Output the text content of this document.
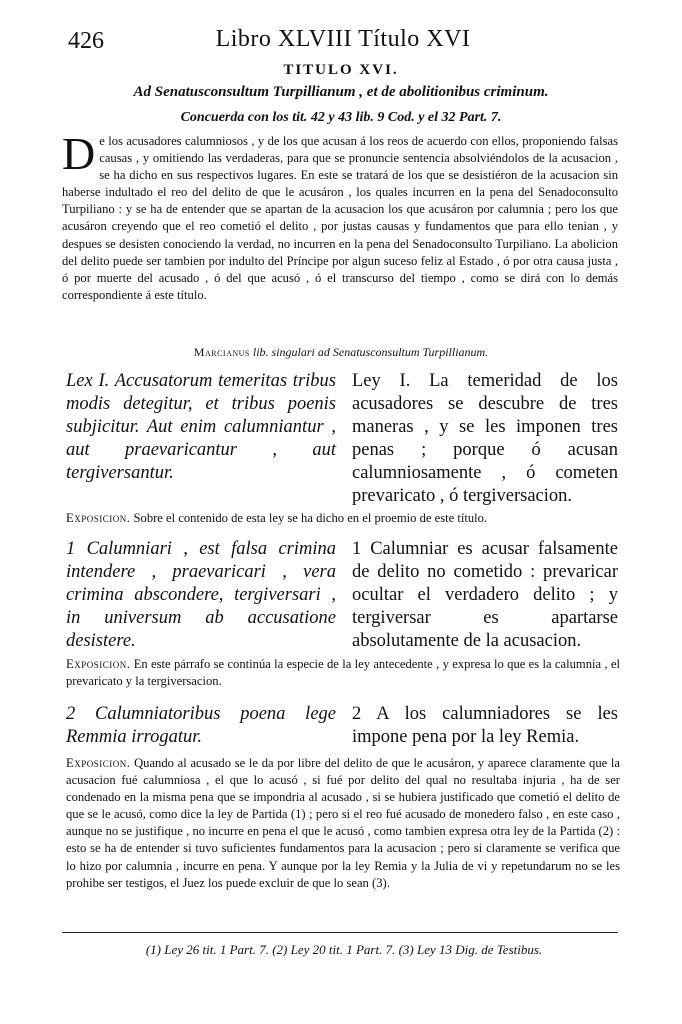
426	Libro XLVIII Título XVI
TITULO XVI.
Ad Senatusconsultum Turpillianum , et de abolitionibus criminum.
Concuerda con los tit. 42 y 43 lib. 9 Cod. y el 32 Part. 7.
De los acusadores calumniosos , y de los que acusan á los reos de acuerdo con ellos, proponiendo falsas causas , y omitiendo las verdaderas, para que se pronuncie sentencia absolviéndolos de la acusacion , se ha dicho en sus respectivos lugares. En este se tratará de los que se desistiéron de la acusacion sin haberse indultado el reo del delito de que le acusáron , los quales incurren en la pena del Senadoconsulto Turpiliano : y se ha de entender que se apartan de la acusacion los que acusáron por calumnia ; pero los que acusáron creyendo que el reo cometió el delito , por justas causas y fundamentos que para ello tenian , y despues se desisten conociendo la verdad, no incurren en la pena del Senadoconsulto Turpiliano. La abolicion del delito puede ser tambien por indulto del Príncipe por algun suceso feliz al Estado , ó por otra causa justa , ó por muerte del acusado , ó del que acusó , ó el transcurso del tiempo , como se dirá con lo demás correspondiente á este título.
Marcianus lib. singulari ad Senatusconsultum Turpillianum.
Lex I. Accusatorum temeritas tribus modis detegitur, et tribus poenis subjicitur. Aut enim calumniantur , aut praevaricantur , aut tergiversantur.
Ley I. La temeridad de los acusadores se descubre de tres maneras , y se les imponen tres penas ; porque ó acusan calumniosamente , ó cometen prevaricato , ó tergiversacion.
Exposicion. Sobre el contenido de esta ley se ha dicho en el proemio de este título.
1 Calumniari , est falsa crimina intendere , praevaricari , vera crimina abscondere, tergiversari , in universum ab accusatione desistere.
1 Calumniar es acusar falsamente de delito no cometido : prevaricar ocultar el verdadero delito ; y tergiversar es apartarse absolutamente de la acusacion.
Exposicion. En este párrafo se continúa la especie de la ley antecedente , y expresa lo que es la calumnia , el prevaricato y la tergiversacion.
2 Calumniatoribus poena lege Remmia irrogatur.
2 A los calumniadores se les impone pena por la ley Remia.
Exposicion. Quando al acusado se le da por libre del delito de que le acusáron, y aparece claramente que la acusacion fué calumniosa , el que lo acusó , si fué por delito del qual no resultaba injuria , ha de ser condenado en la misma pena que se impondria al acusado , si se hubiera justificado que cometió el delito de que se le acusó, como dice la ley de Partida (1) ; pero si el reo fué acusado de monedero falso , en este caso , aunque no se justifique , no incurre en pena el que le acusó , como tambien expresa otra ley de la Partida (2) : esto se ha de entender si tuvo suficientes fundamentos para la acusacion ; pero si claramente se verifica que lo hizo por calumnia , incurre en pena. Y aunque por la ley Remia y la Julia de vi y repetundarum no se les prohibe ser testigos, el Juez los puede excluir de que lo sean (3).
(1) Ley 26 tit. 1 Part. 7. (2) Ley 20 tit. 1 Part. 7. (3) Ley 13 Dig. de Testibus.
